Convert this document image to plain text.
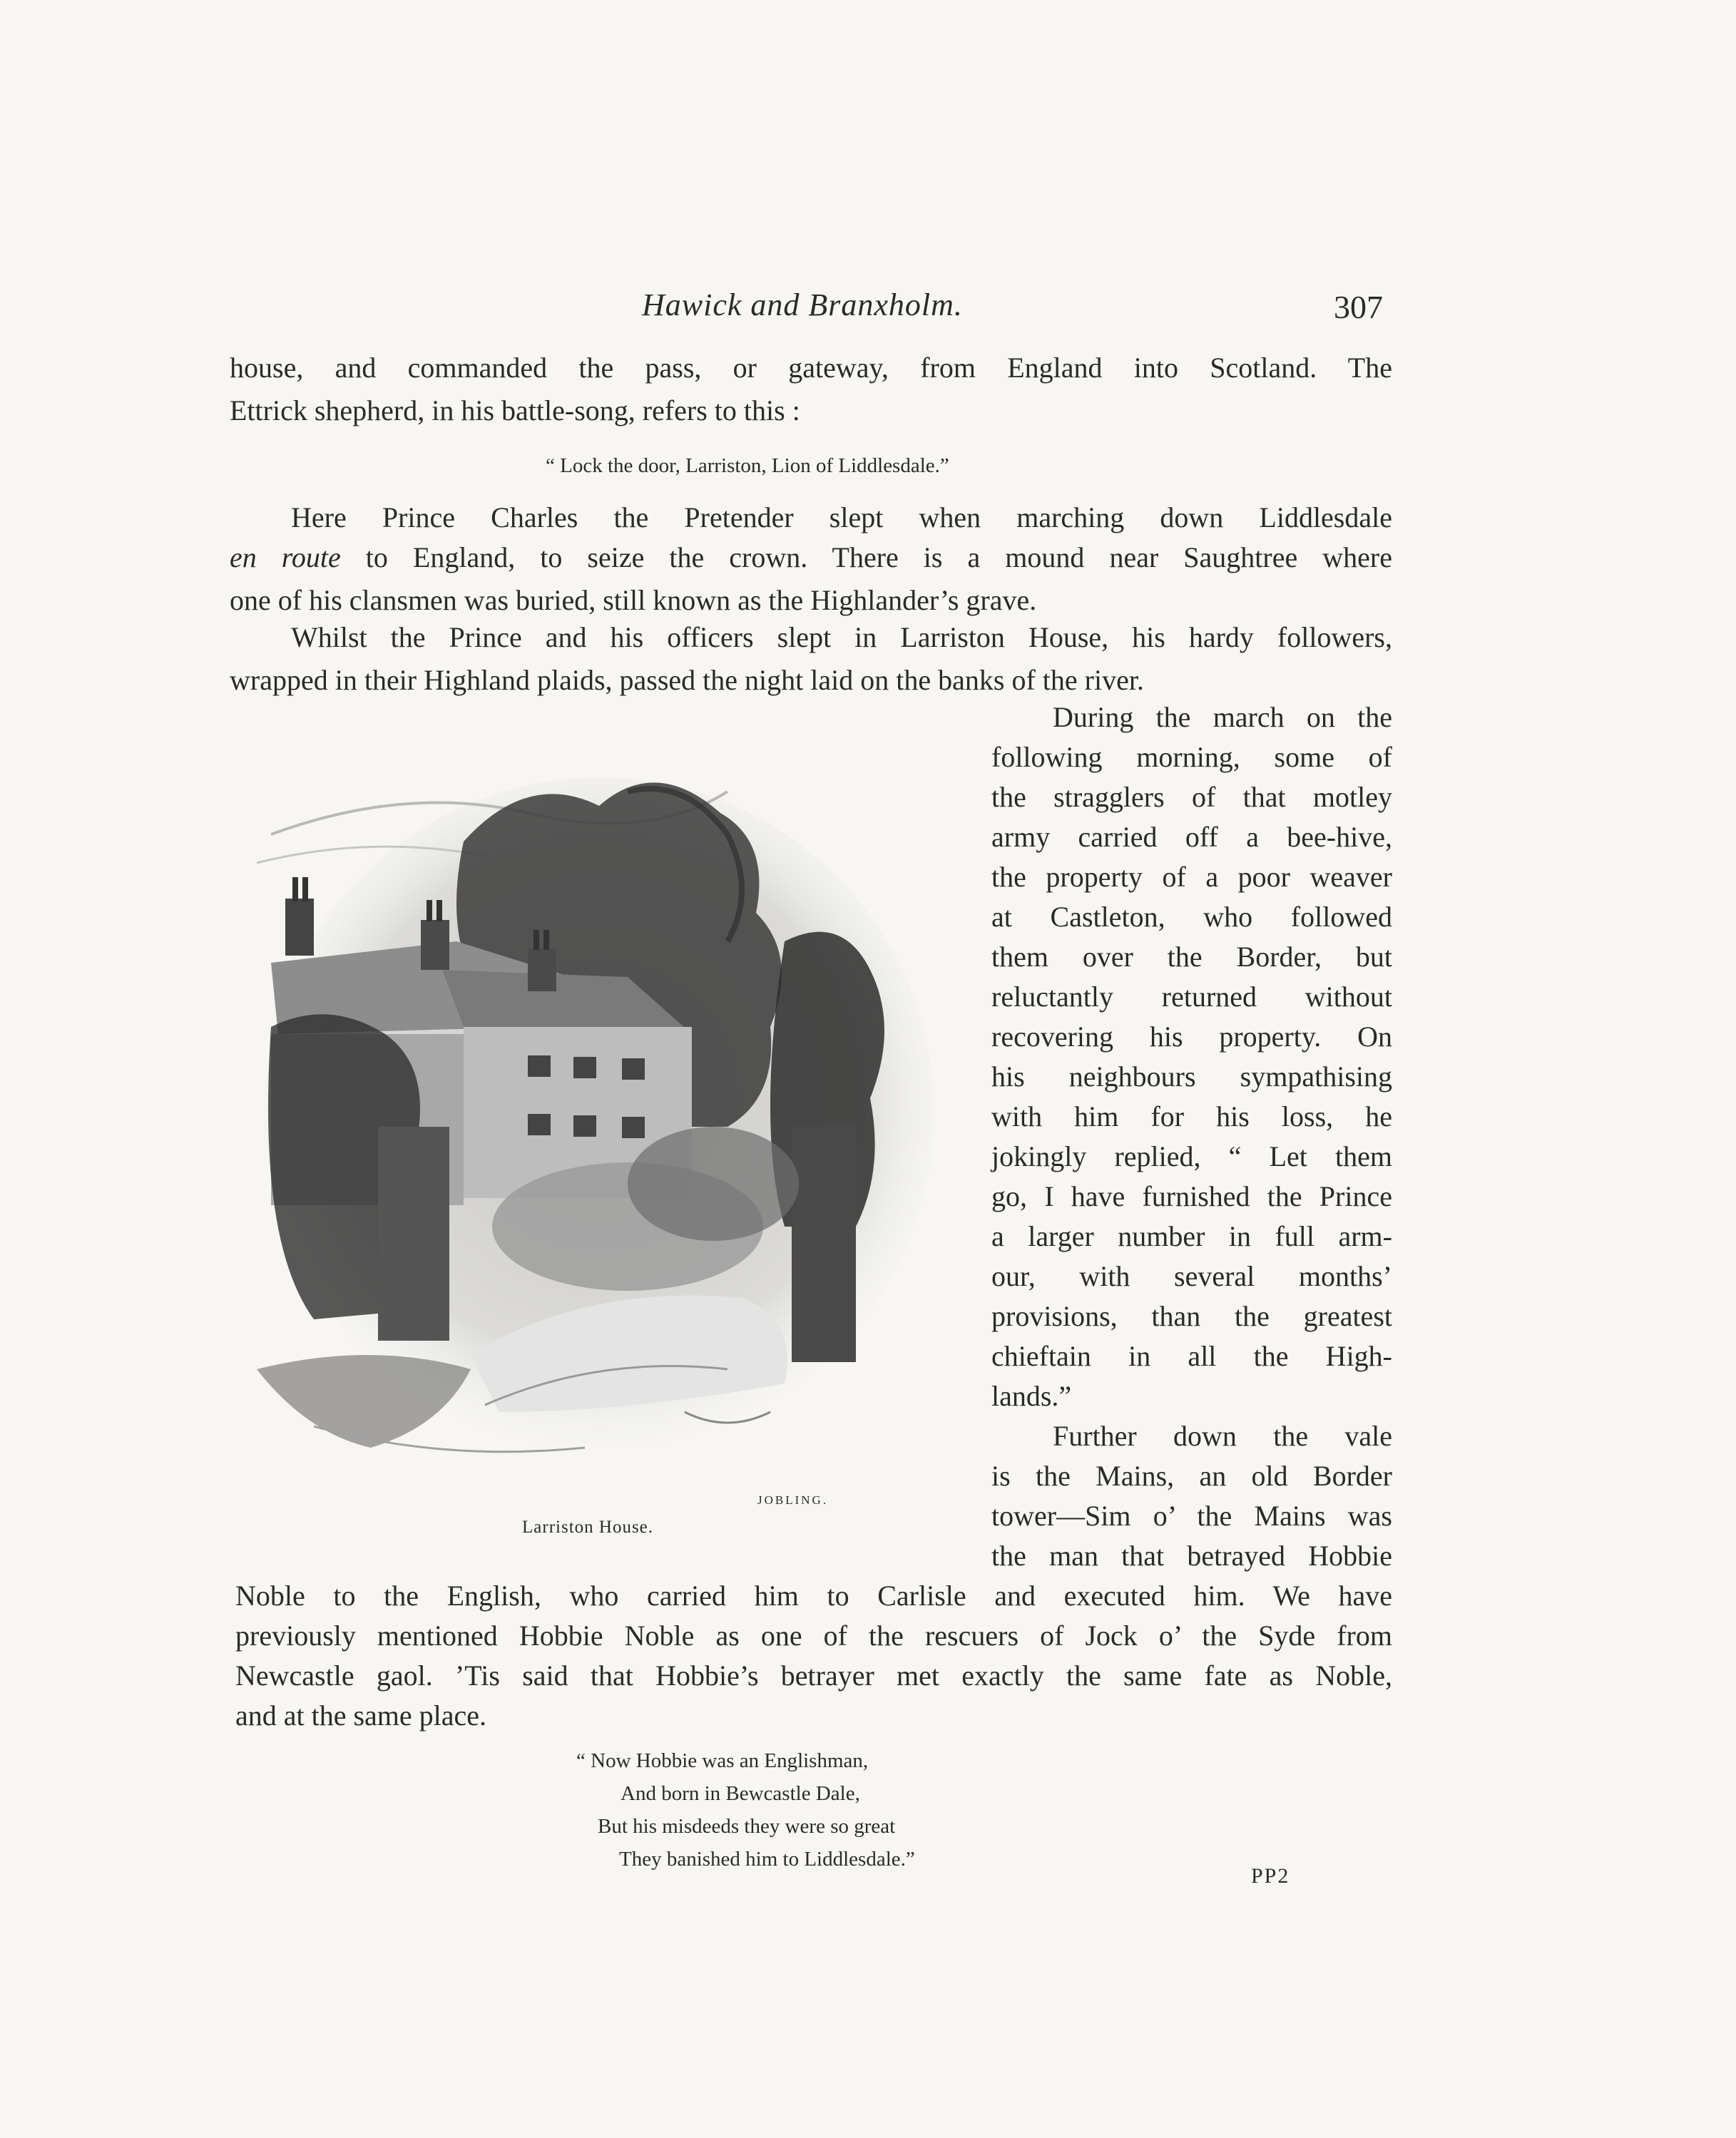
Hawick and Branxholm.	307
house, and commanded the pass, or gateway, from England into Scotland. The
Ettrick shepherd, in his battle-song, refers to this :
“ Lock the door, Larriston, Lion of Liddlesdale.”
Here Prince Charles the Pretender slept when marching down Liddlesdale
en route to England, to seize the crown. There is a mound near Saughtree where
one of his clansmen was buried, still known as the Highlander’s grave.
Whilst the Prince and his officers slept in Larriston House, his hardy followers,
wrapped in their Highland plaids, passed the night laid on the banks of the river.
During the march on the
following morning, some of
the stragglers of that motley
army carried off a bee-hive,
the property of a poor weaver
at Castleton, who followed
them over the Border, but
reluctantly returned without
recovering his property. On
his neighbours sympathising
with him for his loss, he
jokingly replied, “ Let them
go, I have furnished the Prince
a larger number in full arm-
our, with several months’
provisions, than the greatest
chieftain in all the High-
lands.”
Further down the vale
is the Mains, an old Border
tower—Sim o’ the Mains was
the man that betrayed Hobbie
Noble to the English, who carried him to Carlisle and executed him. We have
previously mentioned Hobbie Noble as one of the rescuers of Jock o’ the Syde from
Newcastle gaol. ’Tis said that Hobbie’s betrayer met exactly the same fate as Noble,
and at the same place.
“ Now Hobbie was an Englishman,
And born in Bewcastle Dale,
But his misdeeds they were so great
They banished him to Liddlesdale.”
PP2
Larriston House.
JOBLING.
